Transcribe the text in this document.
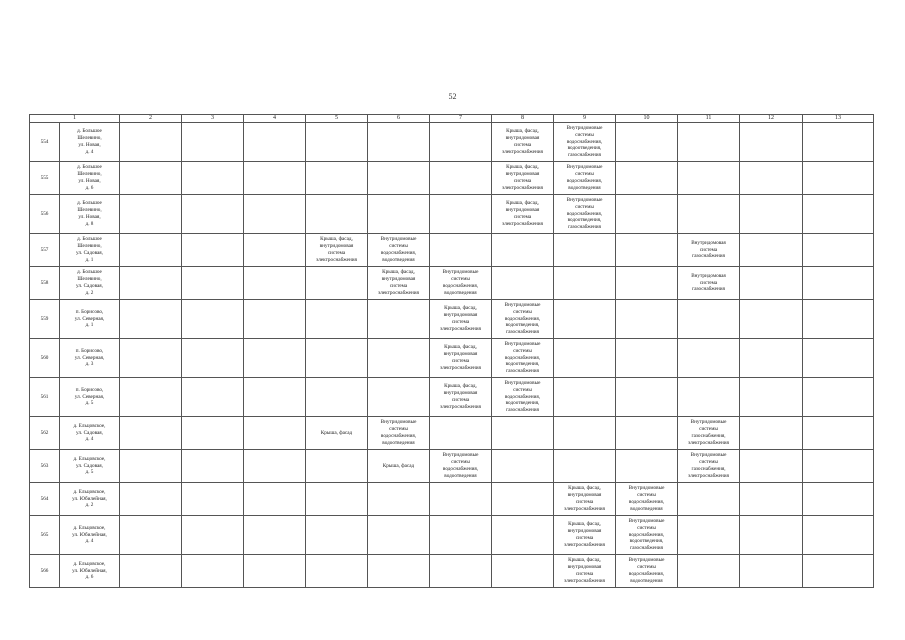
52
1		2	3	4	5	6	7	8	9	10	11	12	13
554	д. Большое
Шелевино,
ул. Новая,
д. 4							Крыша, фасад,
внутридомовая
система
электроснабжения	Внутридомовые
системы
водоснабжения,
водоотведения,
газоснабжения				
555	д. Большое
Шелевино,
ул. Новая,
д. 6							Крыша, фасад,
внутридомовая
система
электроснабжения	Внутридомовые
системы
водоснабжения,
водоотведения				
556	д. Большое
Шелевино,
ул. Новая,
д. 8							Крыша, фасад,
внутридомовая
система
электроснабжения	Внутридомовые
системы
водоснабжения,
водоотведения,
газоснабжения				
557	д. Большое
Шелевино,
ул. Садовая,
д. 1				Крыша, фасад,
внутридомовая
система
электроснабжения	Внутридомовые
системы
водоснабжения,
водоотведения					Внутридомовая
система
газоснабжения		
558	д. Большое
Шелевино,
ул. Садовая,
д. 2					Крыша, фасад,
внутридомовая
система
электроснабжения	Внутридомовые
системы
водоснабжения,
водоотведения				Внутридомовая
система
газоснабжения		
559	п. Борисово,
ул. Северная,
д. 1						Крыша, фасад,
внутридомовая
система
электроснабжения	Внутридомовые
системы
водоснабжения,
водоотведения,
газоснабжения					
560	п. Борисово,
ул. Северная,
д. 3						Крыша, фасад,
внутридомовая
система
электроснабжения	Внутридомовые
системы
водоснабжения,
водоотведения,
газоснабжения					
561	п. Борисово,
ул. Северная,
д. 5						Крыша, фасад,
внутридомовая
система
электроснабжения	Внутридомовые
системы
водоснабжения,
водоотведения,
газоснабжения					
562	д. Ельцовское,
ул. Садовая,
д. 4				Крыша, фасад	Внутридомовые
системы
водоснабжения,
водоотведения					Внутридомовые
системы
газоснабжения,
электроснабжения		
563	д. Ельцовское,
ул. Садовая,
д. 5					Крыша, фасад	Внутридомовые
системы
водоснабжения,
водоотведения				Внутридомовые
системы
газоснабжения,
электроснабжения		
564	д. Ельцовское,
ул. Юбилейная,
д. 2								Крыша, фасад,
внутридомовая
система
электроснабжения	Внутридомовые
системы
водоснабжения,
водоотведения			
565	д. Ельцовское,
ул. Юбилейная,
д. 4								Крыша, фасад,
внутридомовая
система
электроснабжения	Внутридомовые
системы
водоснабжения,
водоотведения,
газоснабжения			
566	д. Ельцовское,
ул. Юбилейная,
д. 6								Крыша, фасад,
внутридомовая
система
электроснабжения	Внутридомовые
системы
водоснабжения,
водоотведения			
